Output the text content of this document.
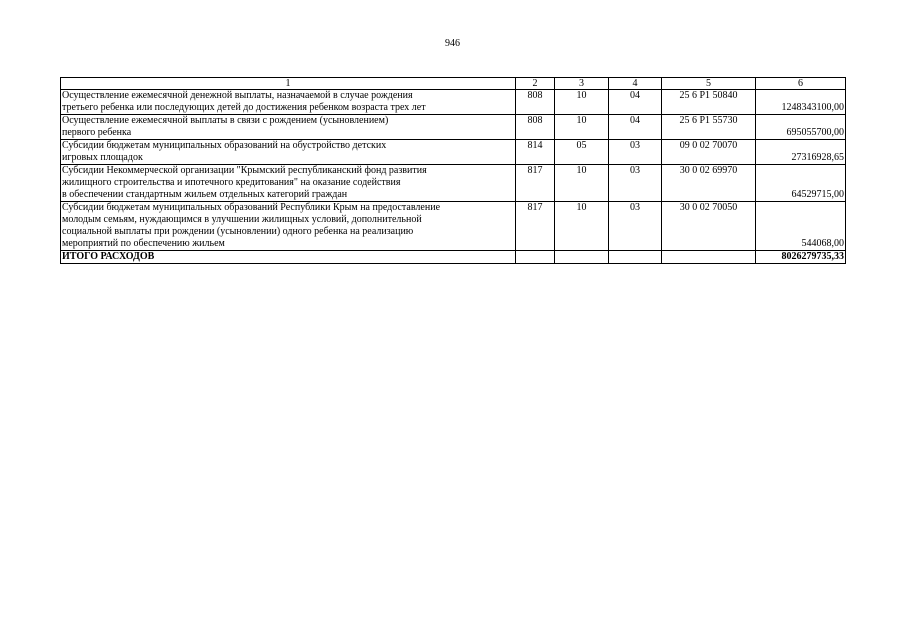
946
1	2	3	4	5	6
Осуществление ежемесячной денежной выплаты, назначаемой в случае рождения
третьего ребенка или последующих детей до достижения ребенком возраста трех лет	808	10	04	25 6 P1 50840	1248343100,00
Осуществление ежемесячной выплаты в связи с рождением (усыновлением)
первого ребенка	808	10	04	25 6 P1 55730	695055700,00
Субсидии бюджетам муниципальных образований на обустройство детских
игровых площадок	814	05	03	09 0 02 70070	27316928,65
Субсидии Некоммерческой организации "Крымский республиканский фонд развития
жилищного строительства и ипотечного кредитования" на оказание содействия
в обеспечении стандартным жильем отдельных категорий граждан	817	10	03	30 0 02 69970	64529715,00
Субсидии бюджетам муниципальных образований Республики Крым на предоставление
молодым семьям, нуждающимся в улучшении жилищных условий, дополнительной
социальной выплаты при рождении (усыновлении) одного ребенка на реализацию
мероприятий по обеспечению жильем	817	10	03	30 0 02 70050	544068,00
ИТОГО РАСХОДОВ					8026279735,33
